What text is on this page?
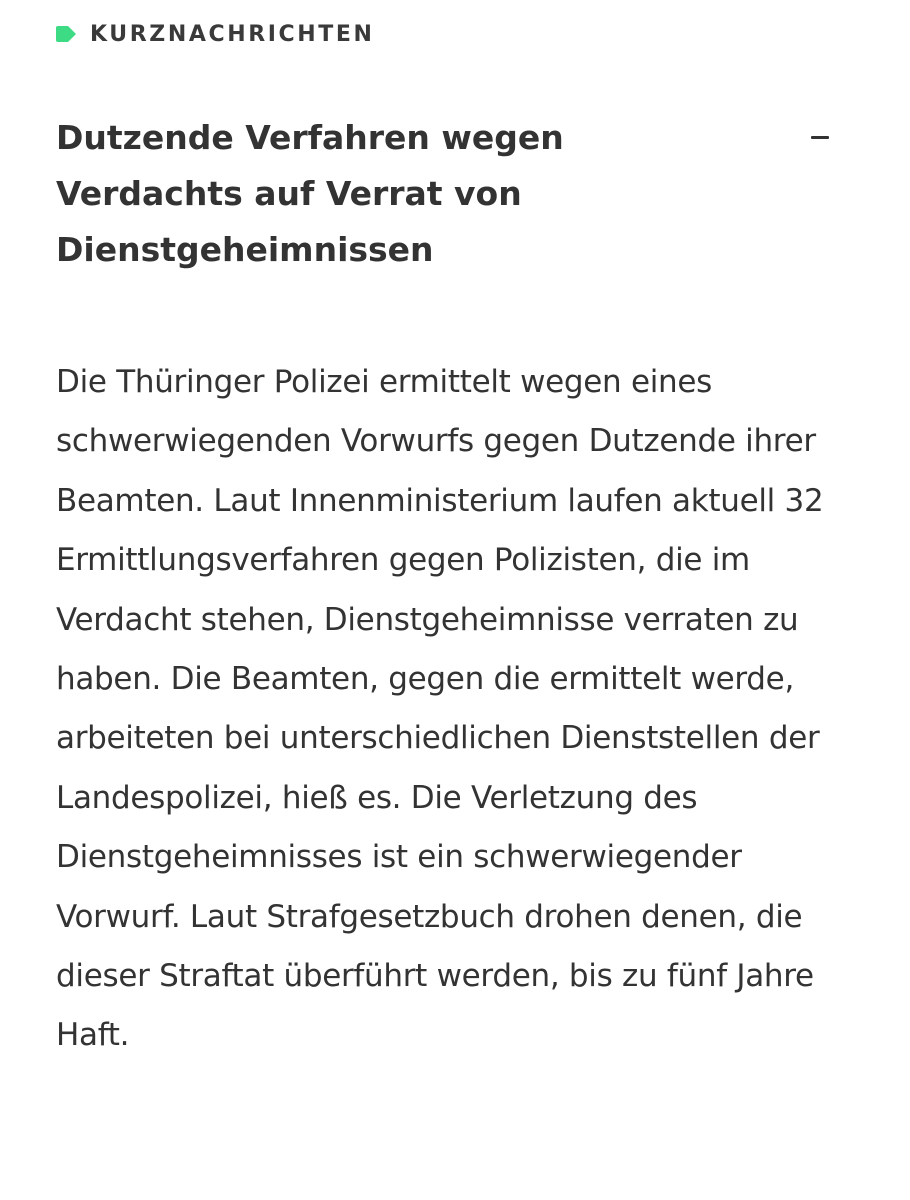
KURZNACHRICHTEN
Dutzende Verfahren wegen Verdachts auf Verrat von Dienstgeheimnissen

Die Thüringer Polizei ermittelt wegen eines schwerwiegenden Vorwurfs gegen Dutzende ihrer Beamten. Laut Innenministerium laufen aktuell 32 Ermittlungsverfahren gegen Polizisten, die im Verdacht stehen, Dienstgeheimnisse verraten zu haben. Die Beamten, gegen die ermittelt werde, arbeiteten bei unterschiedlichen Dienststellen der Landespolizei, hieß es. Die Verletzung des Dienstgeheimnisses ist ein schwerwiegender Vorwurf. Laut Strafgesetzbuch drohen denen, die dieser Straftat überführt werden, bis zu fünf Jahre Haft.
